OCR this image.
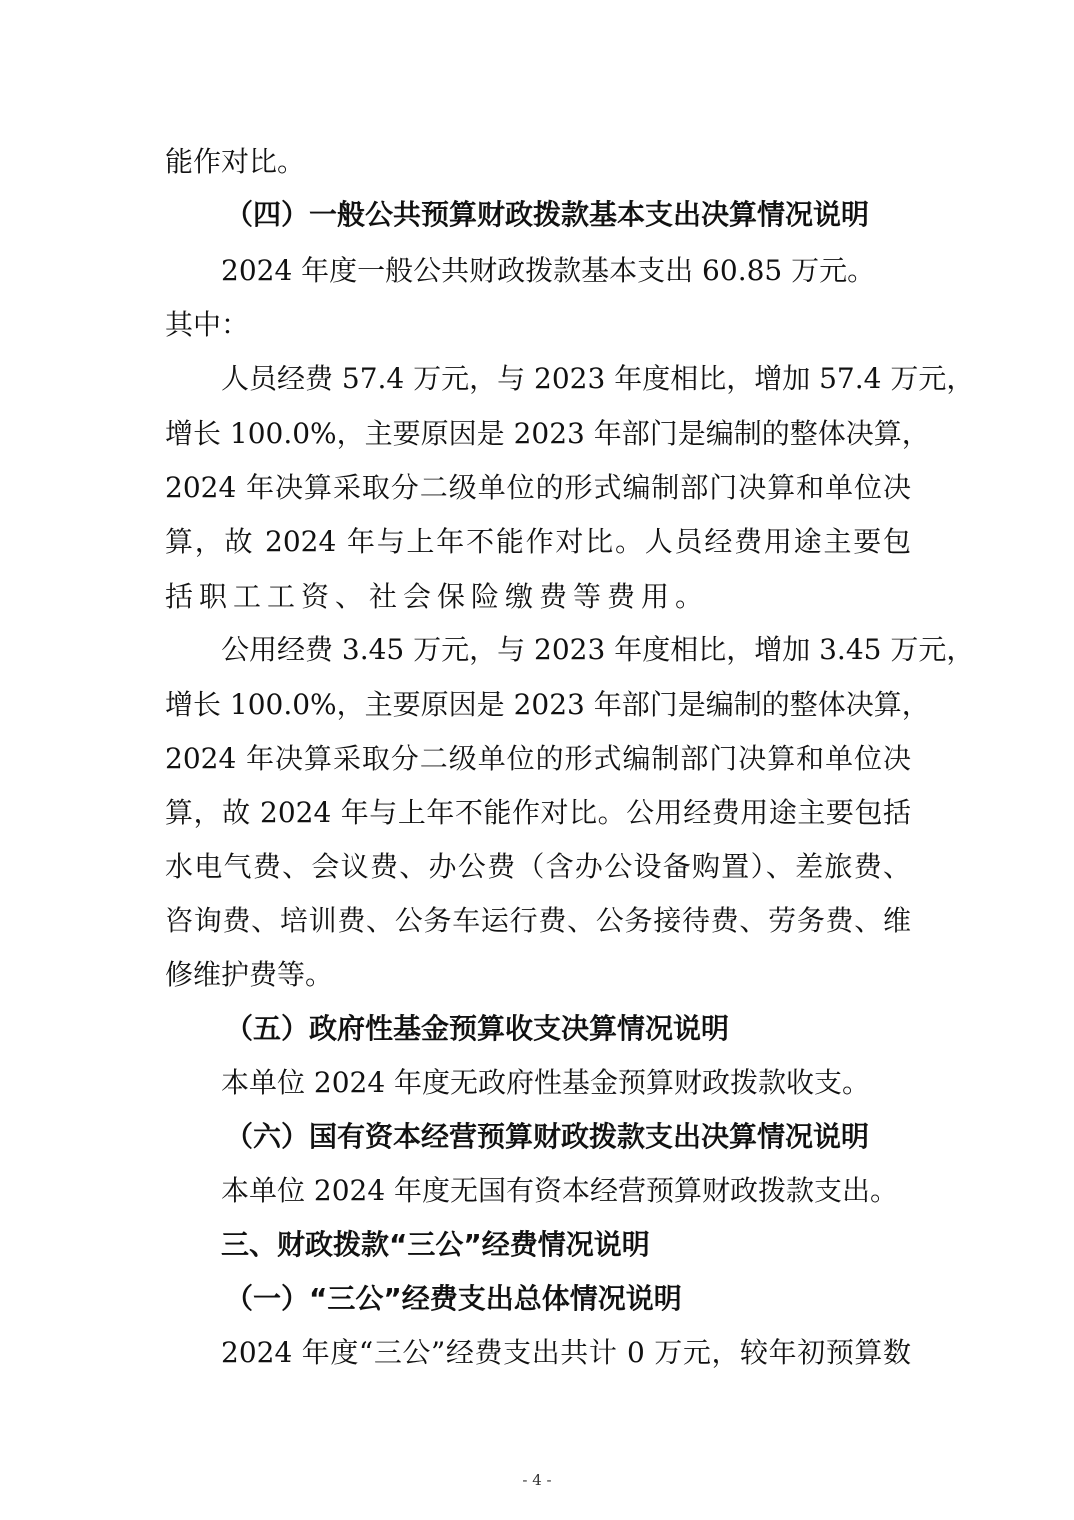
能作对比。
（四）一般公共预算财政拨款基本支出决算情况说明
2024 年度一般公共财政拨款基本支出 60.85 万元。
其中：
人员经费 57.4 万元，与 2023 年度相比，增加 57.4 万元，
增长 100.0%，主要原因是 2023 年部门是编制的整体决算，
2024 年决算采取分二级单位的形式编制部门决算和单位决
算，故 2024 年与上年不能作对比。人员经费用途主要包
括职工工资、社会保险缴费等费用。
公用经费 3.45 万元，与 2023 年度相比，增加 3.45 万元，
增长 100.0%，主要原因是 2023 年部门是编制的整体决算，
2024 年决算采取分二级单位的形式编制部门决算和单位决
算，故 2024 年与上年不能作对比。公用经费用途主要包括
水电气费、会议费、办公费（含办公设备购置）、差旅费、
咨询费、培训费、公务车运行费、公务接待费、劳务费、维
修维护费等。
（五）政府性基金预算收支决算情况说明
本单位 2024 年度无政府性基金预算财政拨款收支。
（六）国有资本经营预算财政拨款支出决算情况说明
本单位 2024 年度无国有资本经营预算财政拨款支出。
三、财政拨款“三公”经费情况说明
（一）“三公”经费支出总体情况说明
2024 年度“三公”经费支出共计 0 万元，较年初预算数
- 4 -
